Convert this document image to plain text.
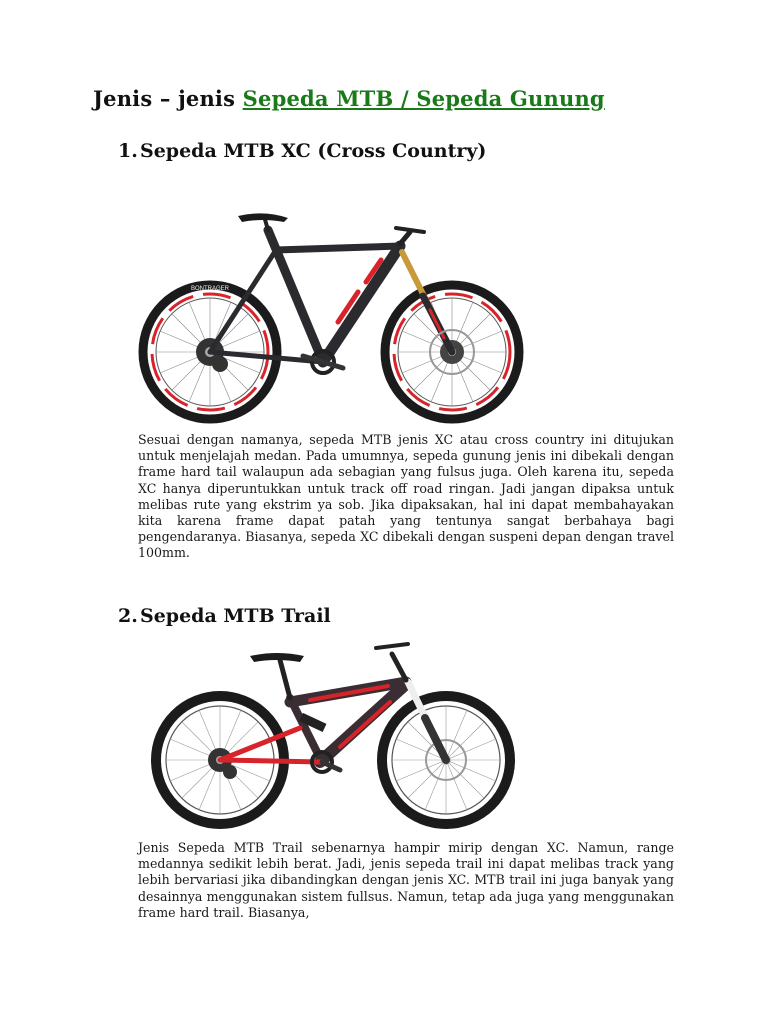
Jenis – jenis Sepeda MTB / Sepeda Gunung
1. Sepeda MTB XC (Cross Country)
BONTRAGER
Sesuai dengan namanya, sepeda MTB jenis XC atau cross country ini ditujukan untuk menjelajah medan. Pada umumnya, sepeda gunung jenis ini dibekali dengan frame hard tail walaupun ada sebagian yang fulsus juga. Oleh karena itu, sepeda XC hanya diperuntukkan untuk track off road ringan. Jadi jangan dipaksa untuk melibas rute yang ekstrim ya sob. Jika dipaksakan, hal ini dapat membahayakan kita karena frame dapat patah yang tentunya sangat berbahaya bagi pengendaranya. Biasanya, sepeda XC dibekali dengan suspeni depan dengan travel 100mm.
2. Sepeda MTB Trail
Jenis Sepeda MTB Trail sebenarnya hampir mirip dengan XC. Namun, range medannya sedikit lebih berat. Jadi, jenis sepeda trail ini dapat melibas track yang lebih bervariasi jika dibandingkan dengan jenis XC. MTB trail ini juga banyak yang desainnya menggunakan sistem fullsus. Namun, tetap ada juga yang menggunakan frame hard trail. Biasanya,
